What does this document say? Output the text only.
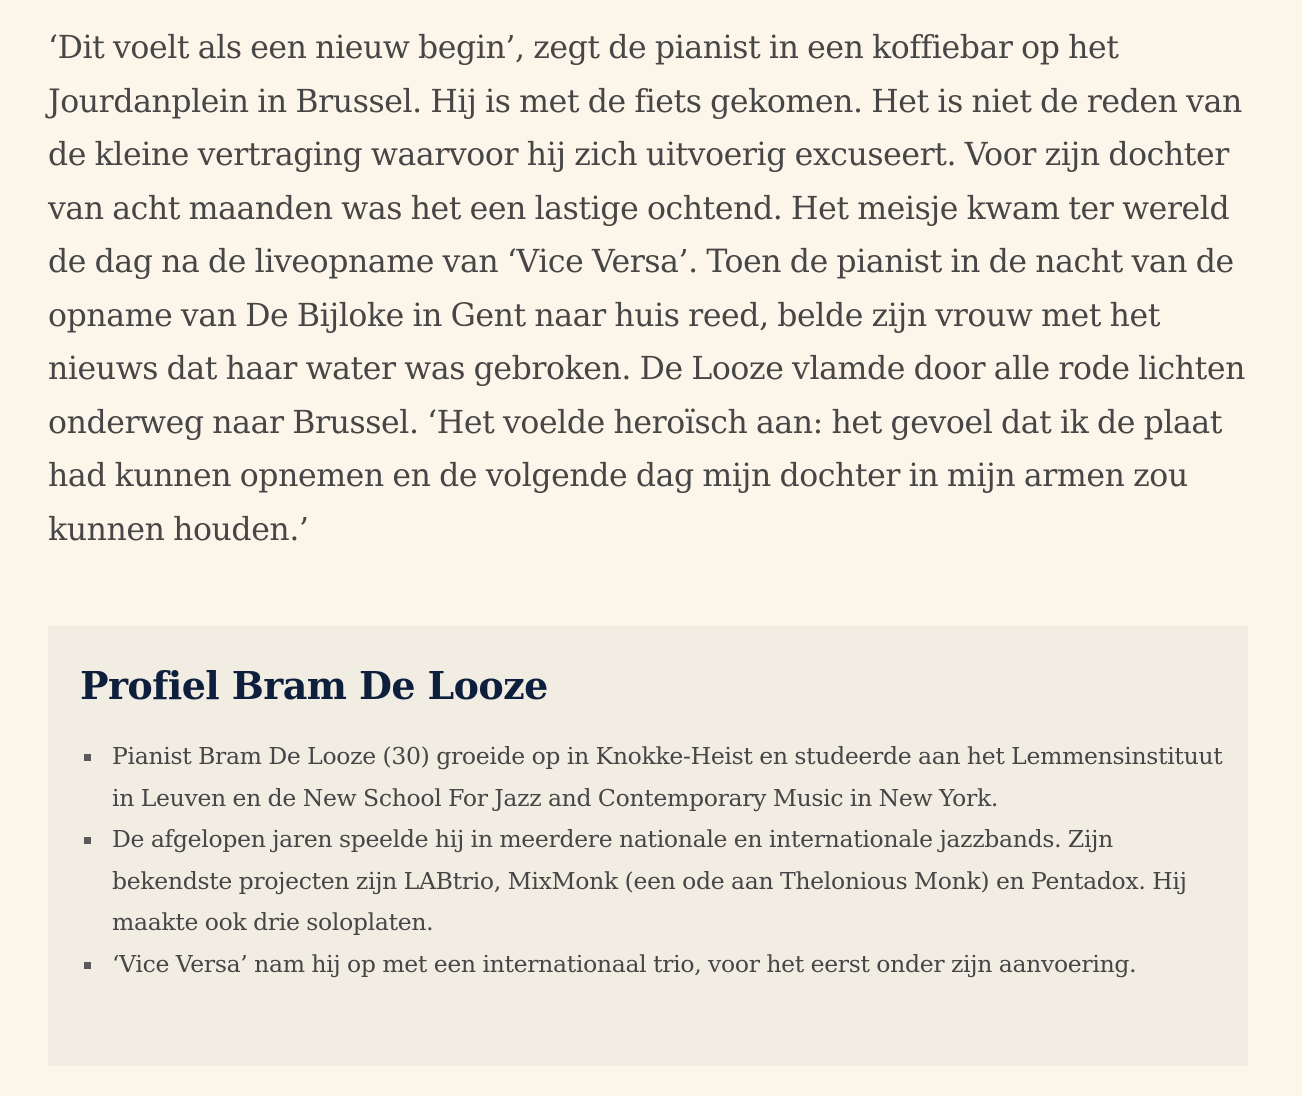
‘Dit voelt als een nieuw begin’, zegt de pianist in een koffiebar op het Jourdanplein in Brussel. Hij is met de fiets gekomen. Het is niet de reden van de kleine vertraging waarvoor hij zich uitvoerig excuseert. Voor zijn dochter van acht maanden was het een lastige ochtend. Het meisje kwam ter wereld de dag na de liveopname van ‘Vice Versa’. Toen de pianist in de nacht van de opname van De Bijloke in Gent naar huis reed, belde zijn vrouw met het nieuws dat haar water was gebroken. De Looze vlamde door alle rode lichten onderweg naar Brussel. ‘Het voelde heroïsch aan: het gevoel dat ik de plaat had kunnen opnemen en de volgende dag mijn dochter in mijn armen zou kunnen houden.’

Profiel Bram De Looze
Pianist Bram De Looze (30) groeide op in Knokke-Heist en studeerde aan het Lemmensinstituut in Leuven en de New School For Jazz and Contemporary Music in New York.
De afgelopen jaren speelde hij in meerdere nationale en internationale jazzbands. Zijn bekendste projecten zijn LABtrio, MixMonk (een ode aan Thelonious Monk) en Pentadox. Hij maakte ook drie soloplaten.
‘Vice Versa’ nam hij op met een internationaal trio, voor het eerst onder zijn aanvoering.
